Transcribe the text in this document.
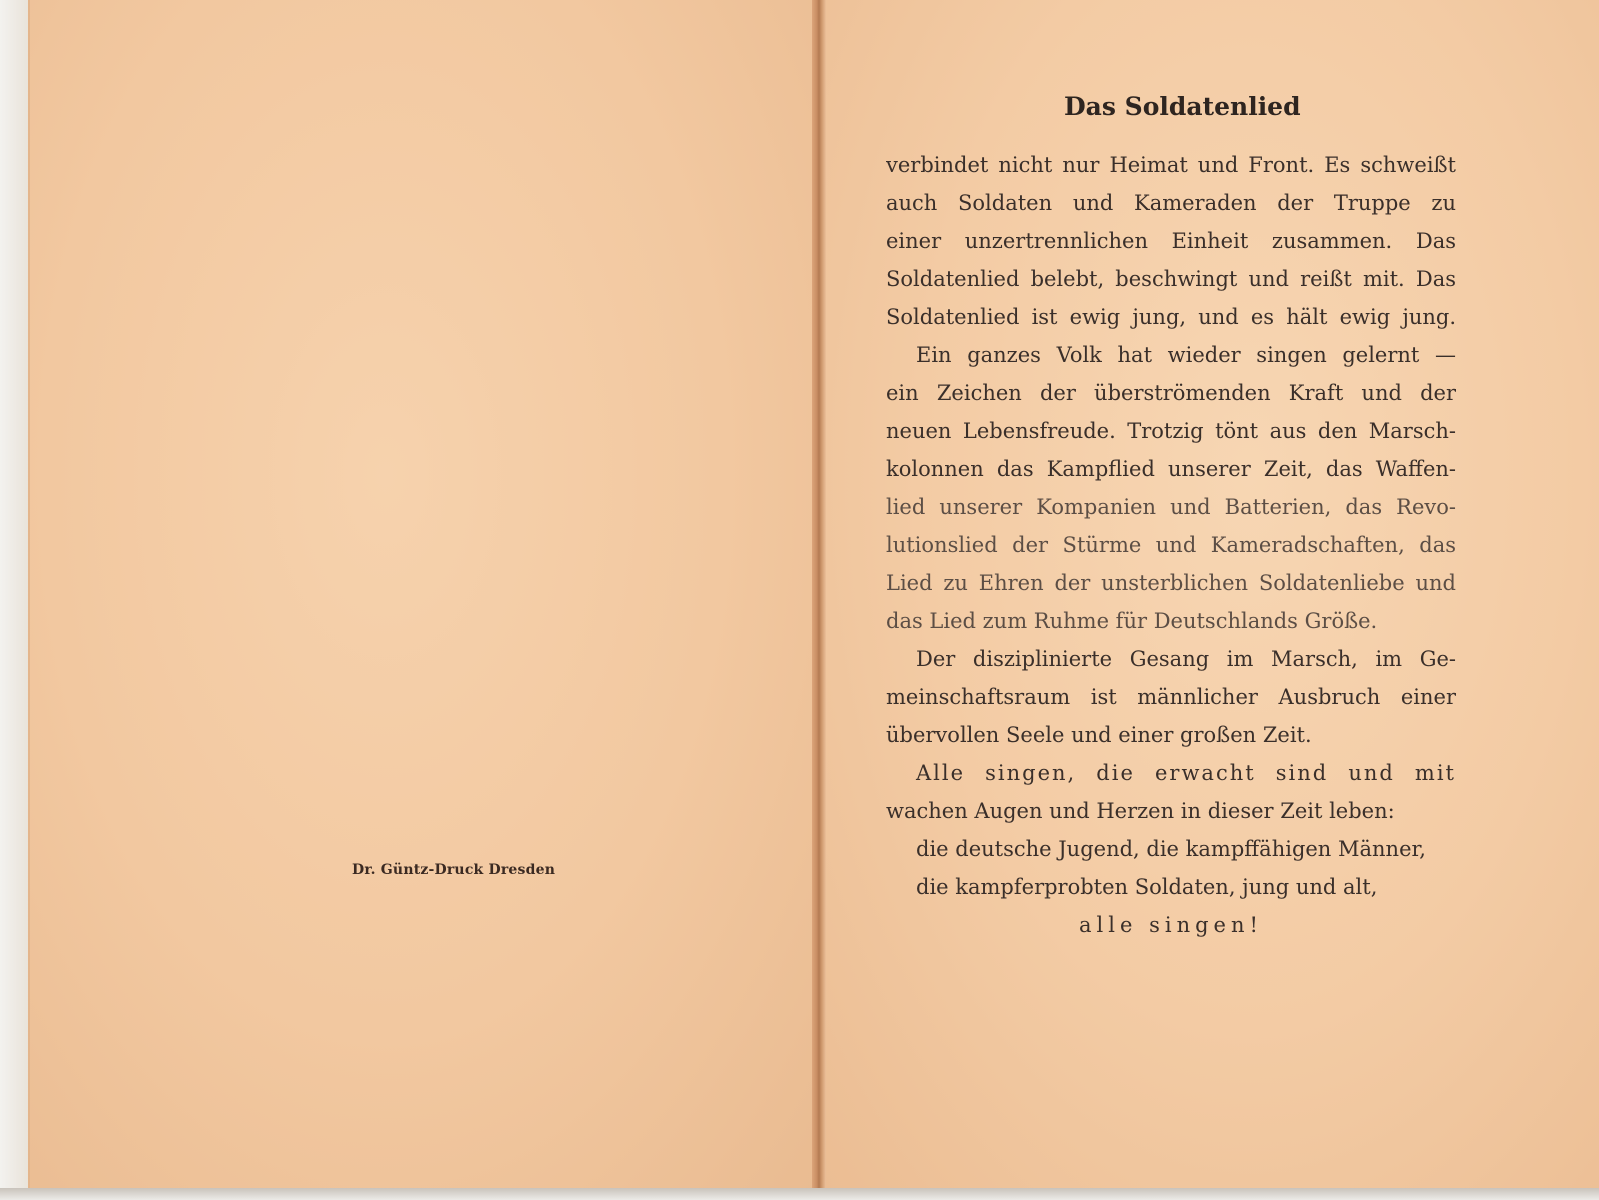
Dr. Güntz-Druck Dresden
Das Soldatenlied
verbindet nicht nur Heimat und Front. Es schweißt
auch Soldaten und Kameraden der Truppe zu
einer unzertrennlichen Einheit zusammen. Das
Soldatenlied belebt, beschwingt und reißt mit. Das
Soldatenlied ist ewig jung, und es hält ewig jung.
Ein ganzes Volk hat wieder singen gelernt —
ein Zeichen der überströmenden Kraft und der
neuen Lebensfreude. Trotzig tönt aus den Marsch-
kolonnen das Kampflied unserer Zeit, das Waffen-
lied unserer Kompanien und Batterien, das Revo-
lutionslied der Stürme und Kameradschaften, das
Lied zu Ehren der unsterblichen Soldatenliebe und
das Lied zum Ruhme für Deutschlands Größe.
Der disziplinierte Gesang im Marsch, im Ge-
meinschaftsraum ist männlicher Ausbruch einer
übervollen Seele und einer großen Zeit.
Alle singen, die erwacht sind und mit
wachen Augen und Herzen in dieser Zeit leben:
die deutsche Jugend, die kampffähigen Männer,
die kampferprobten Soldaten, jung und alt,
alle singen!
